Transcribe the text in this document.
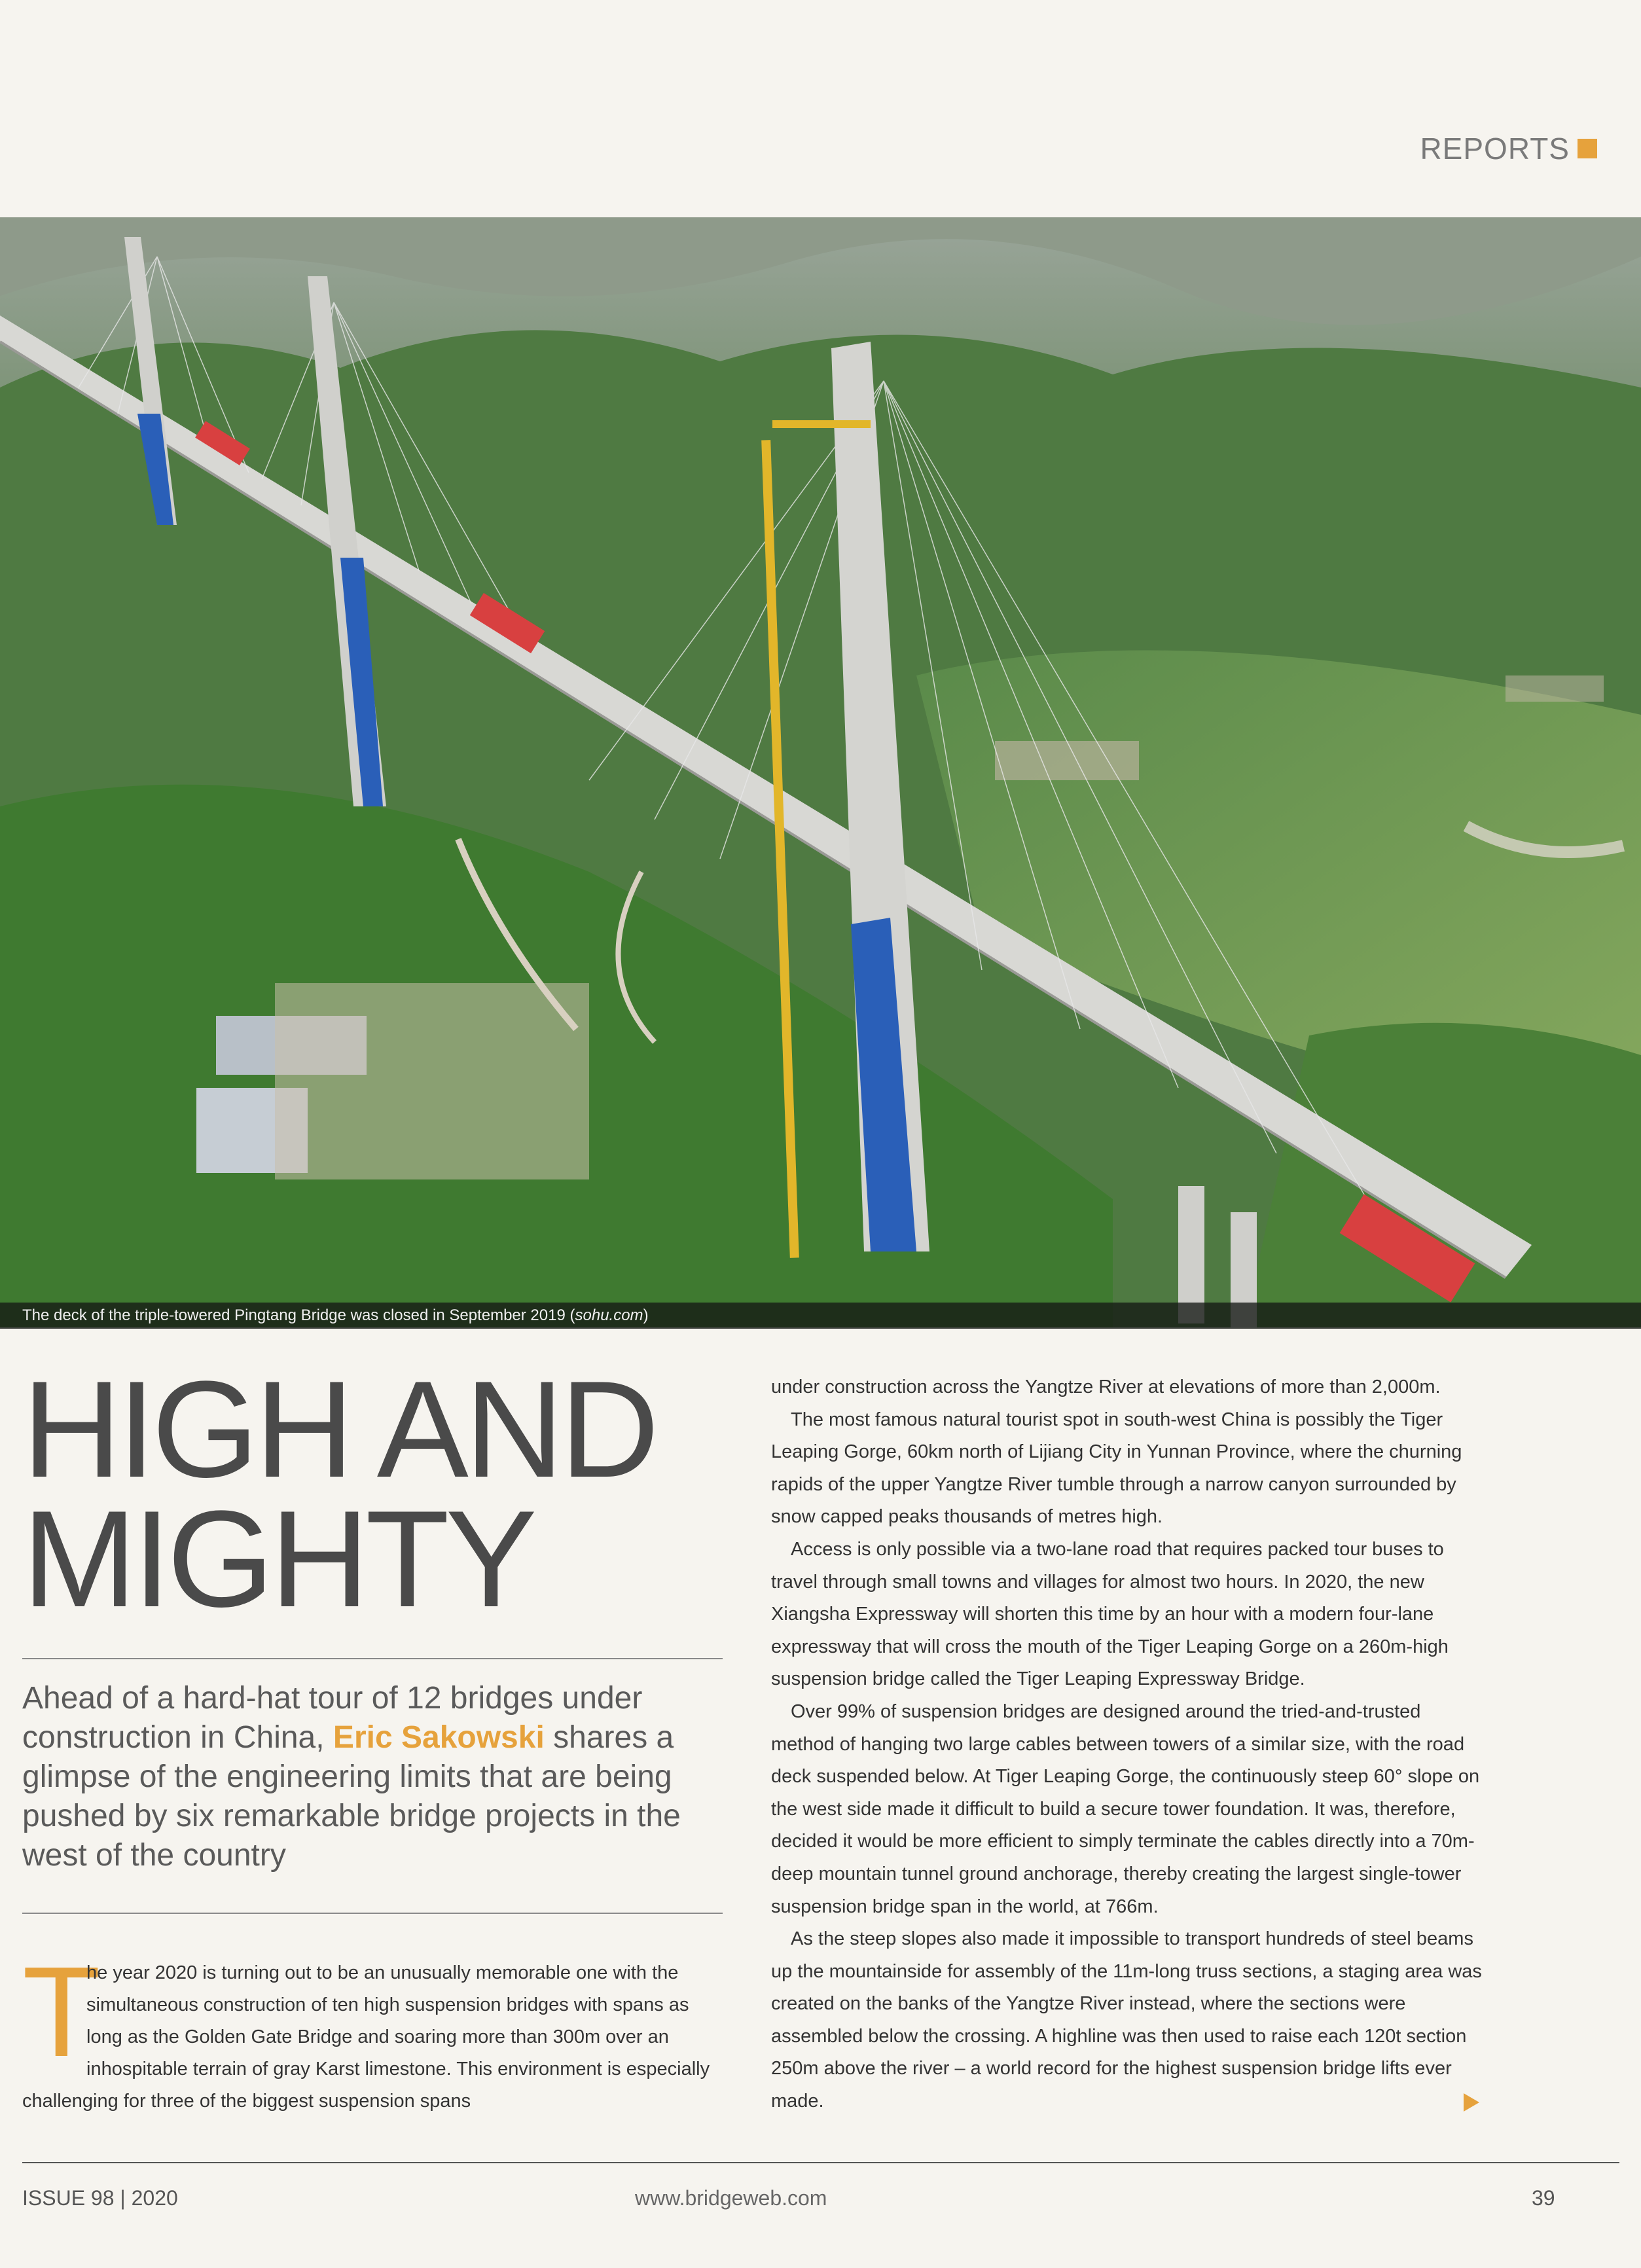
REPORTS
The deck of the triple-towered Pingtang Bridge was closed in September 2019 (sohu.com)
HIGH AND
MIGHTY
Ahead of a hard-hat tour of 12 bridges under construction in China, Eric Sakowski shares a glimpse of the engineering limits that are being pushed by six remarkable bridge projects in the west of the country
T
he year 2020 is turning out to be an unusually memorable one with the simultaneous construction of ten high suspension bridges with spans as long as the Golden Gate Bridge and soaring more than 300m over an inhospitable terrain of gray Karst limestone. This environment is especially challenging for three of the biggest suspension spans

under construction across the Yangtze River at elevations of more than 2,000m.

The most famous natural tourist spot in south-west China is possibly the Tiger Leaping Gorge, 60km north of Lijiang City in Yunnan Province, where the churning rapids of the upper Yangtze River tumble through a narrow canyon surrounded by snow capped peaks thousands of metres high.

Access is only possible via a two-lane road that requires packed tour buses to travel through small towns and villages for almost two hours. In 2020, the new Xiangsha Expressway will shorten this time by an hour with a modern four-lane expressway that will cross the mouth of the Tiger Leaping Gorge on a 260m-high suspension bridge called the Tiger Leaping Expressway Bridge.

Over 99% of suspension bridges are designed around the tried-and-trusted method of hanging two large cables between towers of a similar size, with the road deck suspended below. At Tiger Leaping Gorge, the continuously steep 60° slope on the west side made it difficult to build a secure tower foundation. It was, therefore, decided it would be more efficient to simply terminate the cables directly into a 70m-deep mountain tunnel ground anchorage, thereby creating the largest single-tower suspension bridge span in the world, at 766m.

As the steep slopes also made it impossible to transport hundreds of steel beams up the mountainside for assembly of the 11m-long truss sections, a staging area was created on the banks of the Yangtze River instead, where the sections were assembled below the crossing. A highline was then used to raise each 120t section 250m above the river – a world record for the highest suspension bridge lifts ever made.

ISSUE 98 | 2020	www.bridgeweb.com	39
